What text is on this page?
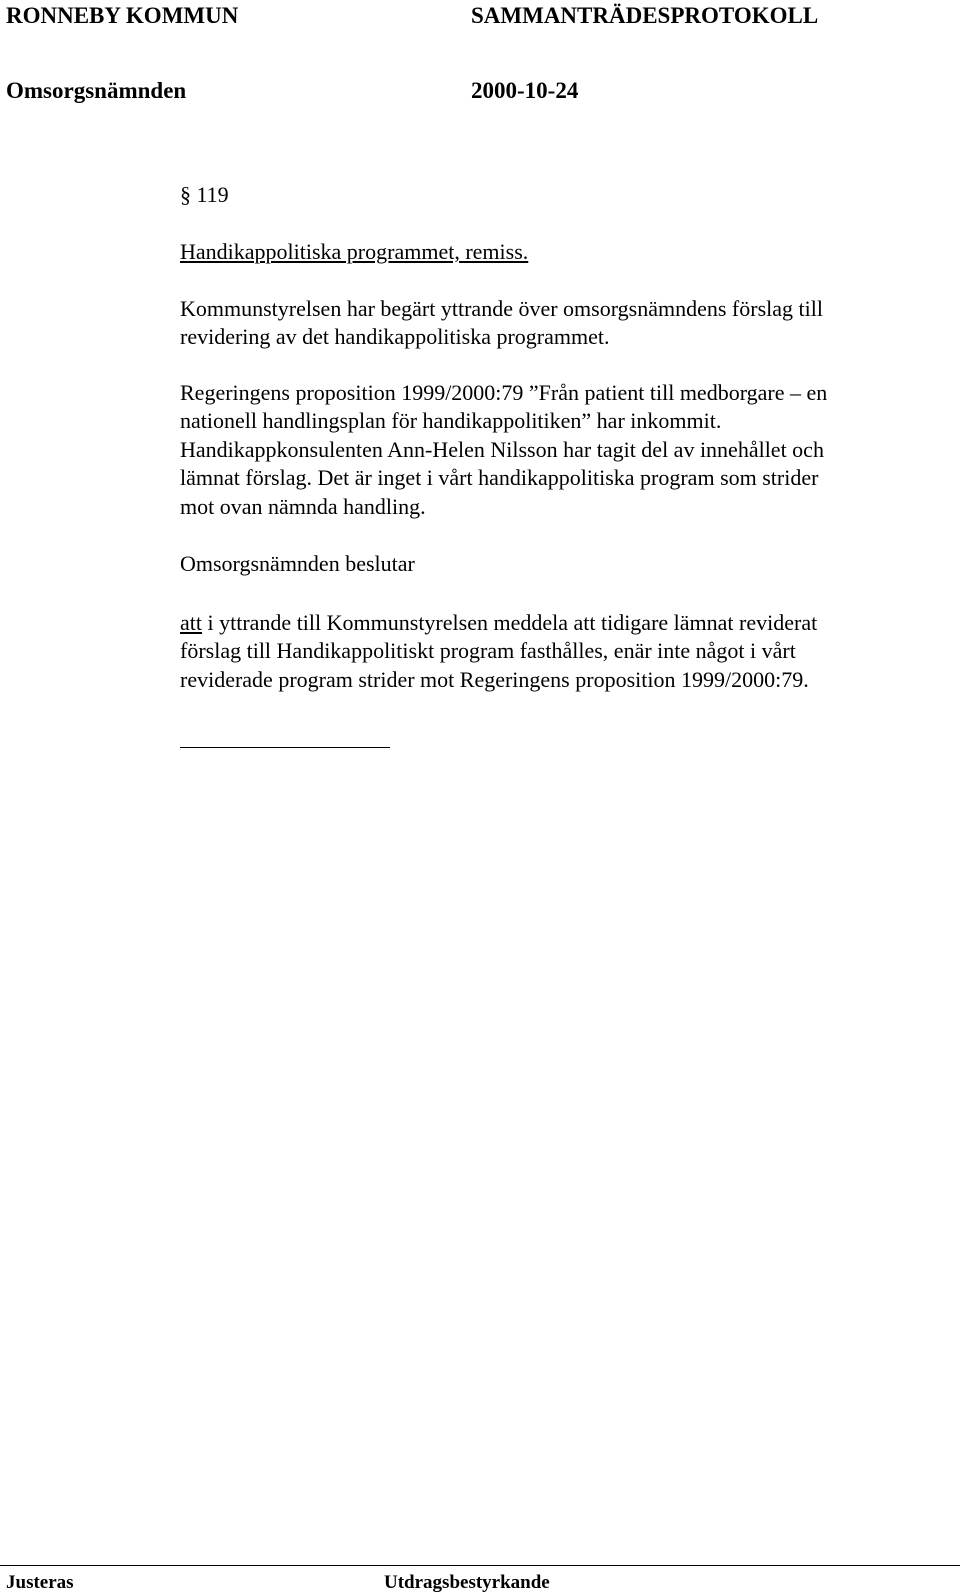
RONNEBY KOMMUN	SAMMANTRÄDESPROTOKOLL
Omsorgsnämnden	2000-10-24
§ 119
Handikappolitiska programmet, remiss.
Kommunstyrelsen har begärt yttrande över omsorgsnämndens förslag till
revidering av det handikappolitiska programmet.
Regeringens proposition 1999/2000:79 ”Från patient till medborgare – en
nationell handlingsplan för handikappolitiken” har inkommit.
Handikappkonsulenten Ann-Helen Nilsson har tagit del av innehållet och
lämnat förslag. Det är inget i vårt handikappolitiska program som strider
mot ovan nämnda handling.
Omsorgsnämnden beslutar
att i yttrande till Kommunstyrelsen meddela att tidigare lämnat reviderat
förslag till Handikappolitiskt program fasthålles, enär inte något i vårt
reviderade program strider mot Regeringens proposition 1999/2000:79.
Justeras	Utdragsbestyrkande
